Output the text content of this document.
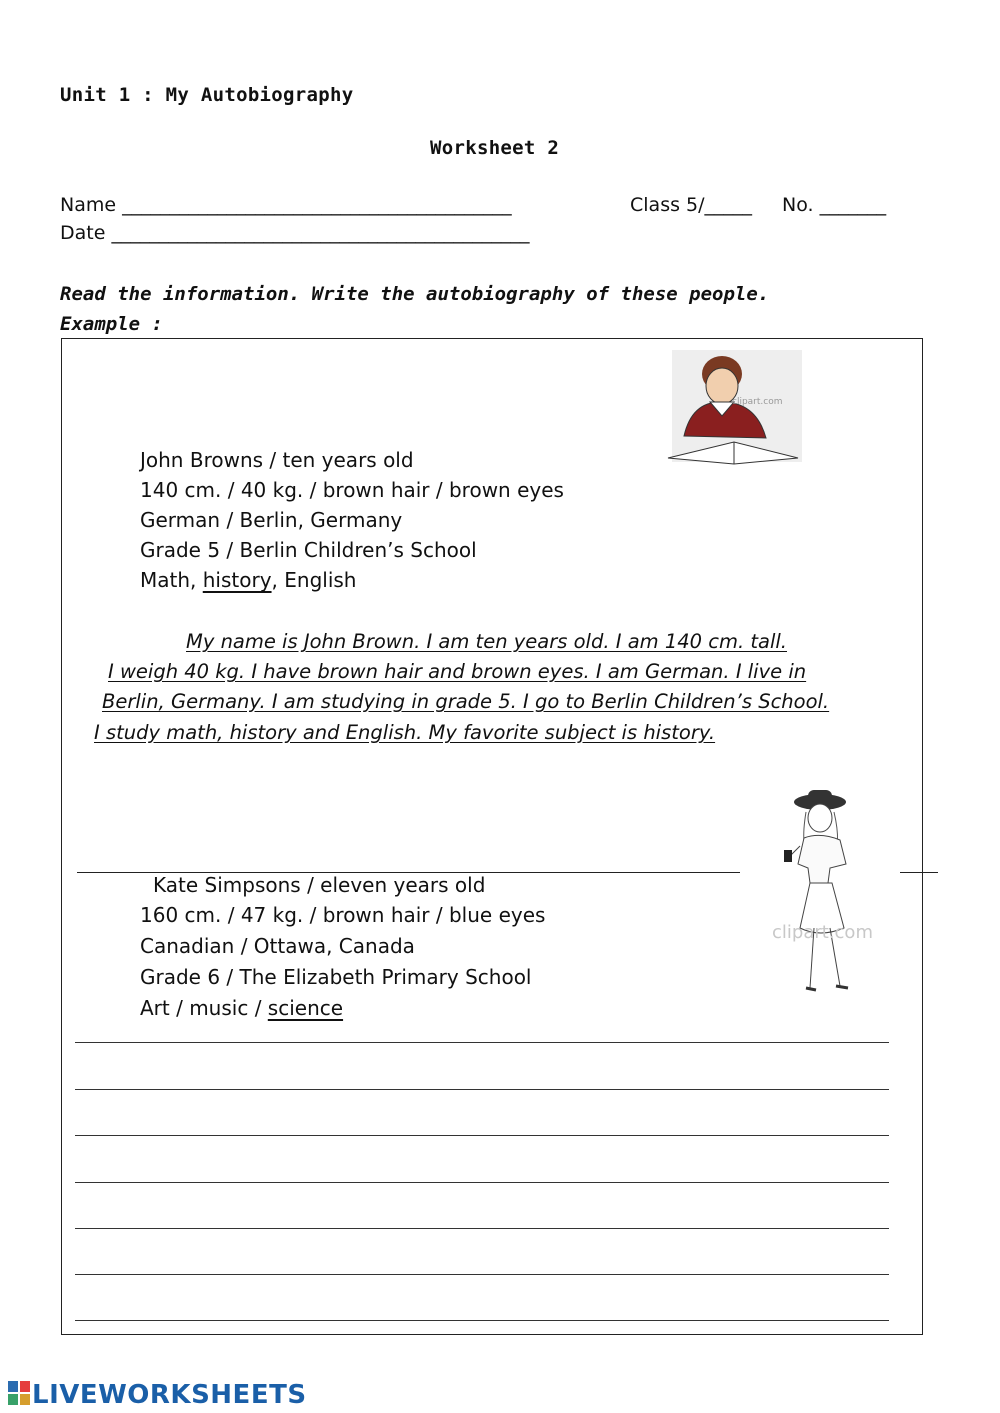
Unit 1 : My Autobiography
Worksheet 2
Name _________________________________________	Class 5/_____ No. _______
Date ____________________________________________
Read the information. Write the autobiography of these people.
Example :
clipart.com
John Browns / ten years old
140 cm. / 40 kg. / brown hair / brown eyes
German / Berlin, Germany
Grade 5 / Berlin Children’s School
Math, history, English
My name is John Brown. I am ten years old. I am 140 cm. tall.
I weigh 40 kg. I have brown hair and brown eyes. I am German. I live in
Berlin, Germany. I am studying in grade 5. I go to Berlin Children’s School.
I study math, history and English. My favorite subject is history.
clipart.com
Kate Simpsons / eleven years old
160 cm. / 47 kg. / brown hair / blue eyes
Canadian / Ottawa, Canada
Grade 6 / The Elizabeth Primary School
Art / music / science
LIVEWORKSHEETS
